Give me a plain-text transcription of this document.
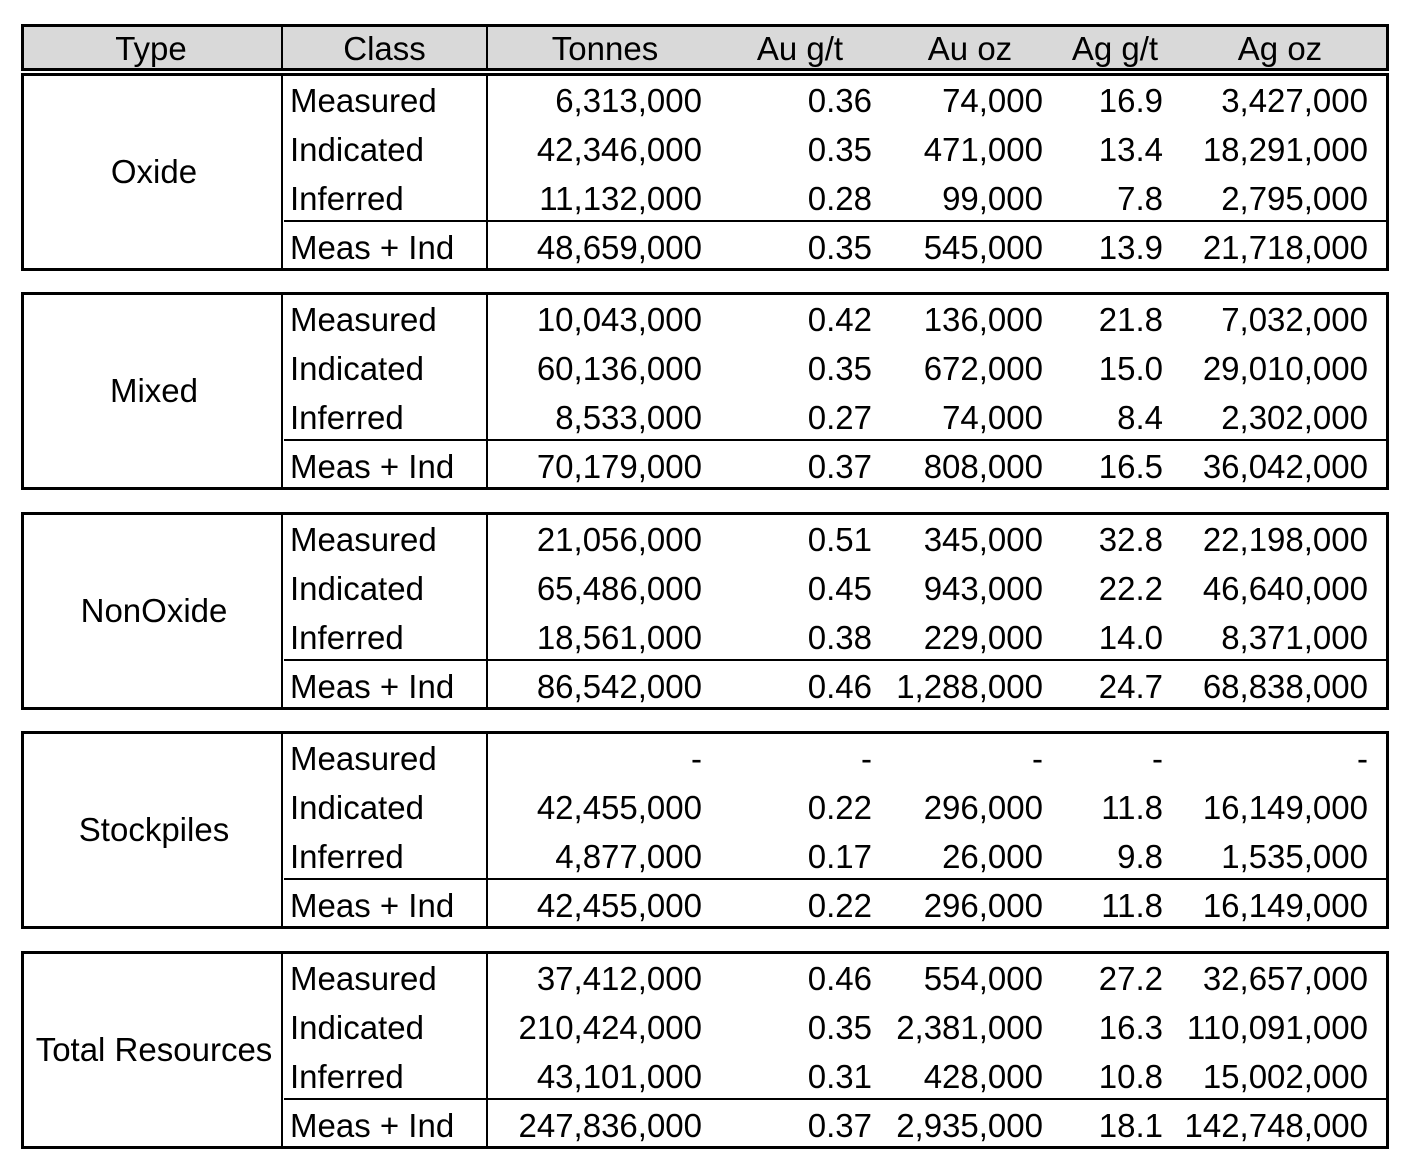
Type	Class	Tonnes	Au g/t	Au oz	Ag g/t	Ag oz
Oxide
Measured	6,313,000	0.36 74,000 16.9 3,427,000
Indicated	42,346,000	0.35 471,000 13.4 18,291,000
Inferred	11,132,000	0.28 99,000 7.8 2,795,000
Meas + Ind	48,659,000	0.35 545,000 13.9 21,718,000
Mixed
Measured	10,043,000	0.42 136,000 21.8 7,032,000
Indicated	60,136,000	0.35 672,000 15.0 29,010,000
Inferred	8,533,000	0.27 74,000 8.4 2,302,000
Meas + Ind	70,179,000	0.37 808,000 16.5 36,042,000
NonOxide
Measured	21,056,000	0.51 345,000 32.8 22,198,000
Indicated	65,486,000	0.45 943,000 22.2 46,640,000
Inferred	18,561,000	0.38 229,000 14.0 8,371,000
Meas + Ind	86,542,000	0.46 1,288,000 24.7 68,838,000
Stockpiles
Measured	-	-	-	-	-
Indicated	42,455,000	0.22 296,000 11.8 16,149,000
Inferred	4,877,000	0.17 26,000 9.8 1,535,000
Meas + Ind	42,455,000	0.22 296,000 11.8 16,149,000
Total Resources
Measured	37,412,000	0.46 554,000 27.2 32,657,000
Indicated	210,424,000	0.35 2,381,000 16.3 110,091,000
Inferred	43,101,000	0.31 428,000 10.8 15,002,000
Meas + Ind 247,836,000	0.37 2,935,000 18.1 142,748,000
